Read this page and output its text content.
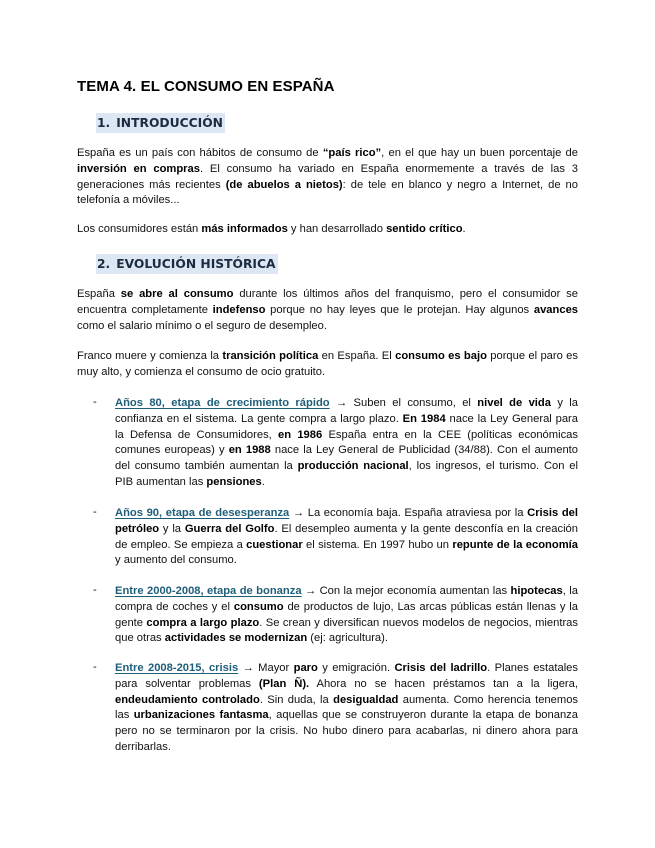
TEMA 4. EL CONSUMO EN ESPAÑA
1. INTRODUCCIÓN

España es un país con hábitos de consumo de “país rico”, en el que hay un buen porcentaje de inversión en compras. El consumo ha variado en España enormemente a través de las 3 generaciones más recientes (de abuelos a nietos): de tele en blanco y negro a Internet, de no telefonía a móviles...

Los consumidores están más informados y han desarrollado sentido crítico.

2. EVOLUCIÓN HISTÓRICA

España se abre al consumo durante los últimos años del franquismo, pero el consumidor se encuentra completamente indefenso porque no hay leyes que le protejan. Hay algunos avances como el salario mínimo o el seguro de desempleo.

Franco muere y comienza la transición política en España. El consumo es bajo porque el paro es muy alto, y comienza el consumo de ocio gratuito.

- Años 80, etapa de crecimiento rápido → Suben el consumo, el nivel de vida y la confianza en el sistema. La gente compra a largo plazo. En 1984 nace la Ley General para la Defensa de Consumidores, en 1986 España entra en la CEE (políticas económicas comunes europeas) y en 1988 nace la Ley General de Publicidad (34/88). Con el aumento del consumo también aumentan la producción nacional, los ingresos, el turismo. Con el PIB aumentan las pensiones.

- Años 90, etapa de desesperanza → La economía baja. España atraviesa por la Crisis del petróleo y la Guerra del Golfo. El desempleo aumenta y la gente desconfía en la creación de empleo. Se empieza a cuestionar el sistema. En 1997 hubo un repunte de la economía y aumento del consumo.

- Entre 2000-2008, etapa de bonanza → Con la mejor economía aumentan las hipotecas, la compra de coches y el consumo de productos de lujo, Las arcas públicas están llenas y la gente compra a largo plazo. Se crean y diversifican nuevos modelos de negocios, mientras que otras actividades se modernizan (ej: agricultura).

- Entre 2008-2015, crisis → Mayor paro y emigración. Crisis del ladrillo. Planes estatales para solventar problemas (Plan Ñ). Ahora no se hacen préstamos tan a la ligera, endeudamiento controlado. Sin duda, la desigualdad aumenta. Como herencia tenemos las urbanizaciones fantasma, aquellas que se construyeron durante la etapa de bonanza pero no se terminaron por la crisis. No hubo dinero para acabarlas, ni dinero ahora para derribarlas.
